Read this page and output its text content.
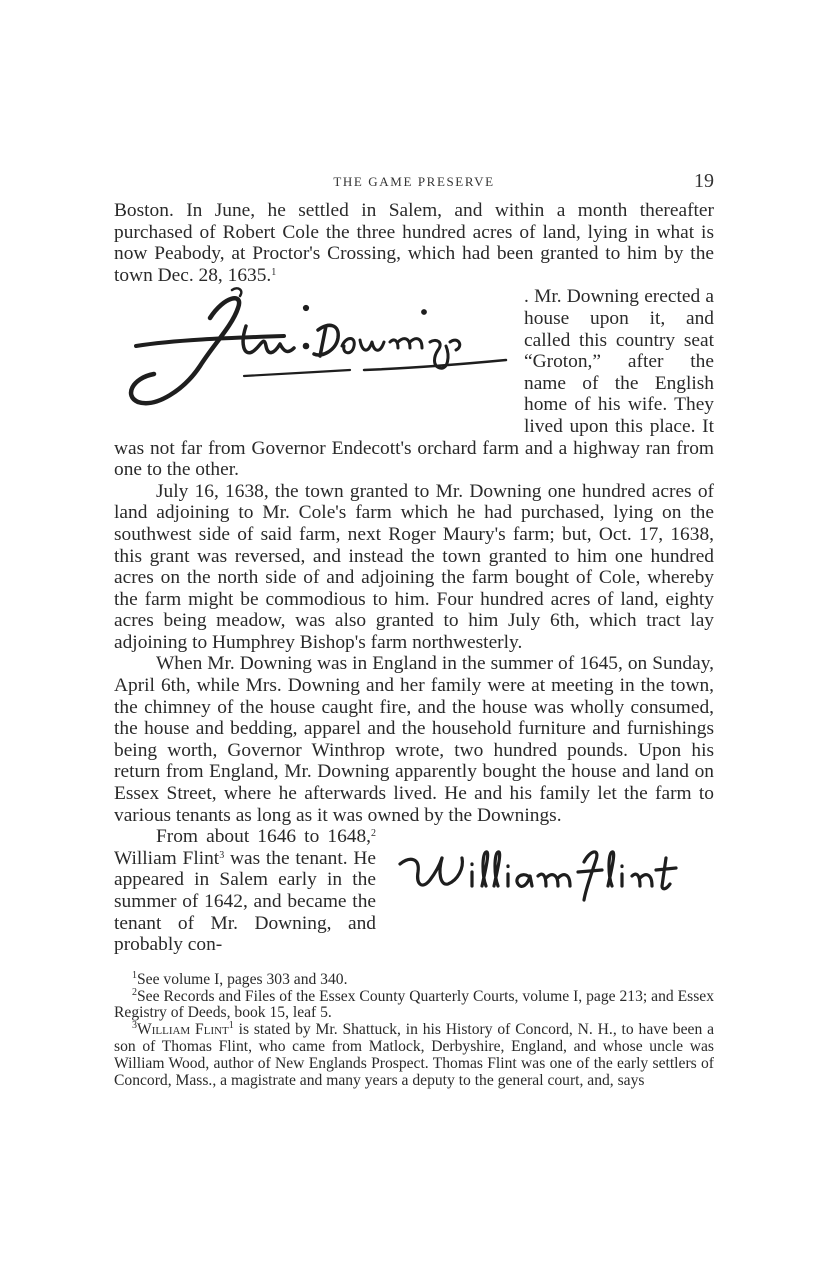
THE GAME PRESERVE	19

Boston. In June, he settled in Salem, and within a month thereafter purchased of Robert Cole the three hundred acres of land, lying in what is now Peabody, at Proctor's Crossing, which had been granted to him by the town Dec. 28, 1635.$^1$

. Mr. Downing erected a house upon it, and called this country seat “Groton,” after the name of the English home of his wife. They lived upon this place. It was not far from Governor Endecott's orchard farm and a highway ran from one to the other.

July 16, 1638, the town granted to Mr. Downing one hundred acres of land adjoining to Mr. Cole's farm which he had purchased, lying on the southwest side of said farm, next Roger Maury's farm; but, Oct. 17, 1638, this grant was reversed, and instead the town granted to him one hundred acres on the north side of and adjoining the farm bought of Cole, whereby the farm might be commodious to him. Four hundred acres of land, eighty acres being meadow, was also granted to him July 6th, which tract lay adjoining to Humphrey Bishop's farm northwesterly.

When Mr. Downing was in England in the summer of 1645, on Sunday, April 6th, while Mrs. Downing and her family were at meeting in the town, the chimney of the house caught fire, and the house was wholly consumed, the house and bedding, apparel and the household furniture and furnishings being worth, Governor Winthrop wrote, two hundred pounds. Upon his return from England, Mr. Downing apparently bought the house and land on Essex Street, where he afterwards lived. He and his family let the farm to various tenants as long as it was owned by the Downings.

From about 1646 to 1648,$^2$ William Flint$^3$ was the tenant. He appeared in Salem early in the summer of 1642, and became the tenant of Mr. Downing, and probably con-

$^1$See volume I, pages 303 and 340.

$^2$See Records and Files of the Essex County Quarterly Courts, volume I, page 213; and Essex Registry of Deeds, book 15, leaf 5.

$^3$William Flint$^1$ is stated by Mr. Shattuck, in his History of Concord, N. H., to have been a son of Thomas Flint, who came from Matlock, Derbyshire, England, and whose uncle was William Wood, author of New Englands Prospect. Thomas Flint was one of the early settlers of Concord, Mass., a magistrate and many years a deputy to the general court, and, says
